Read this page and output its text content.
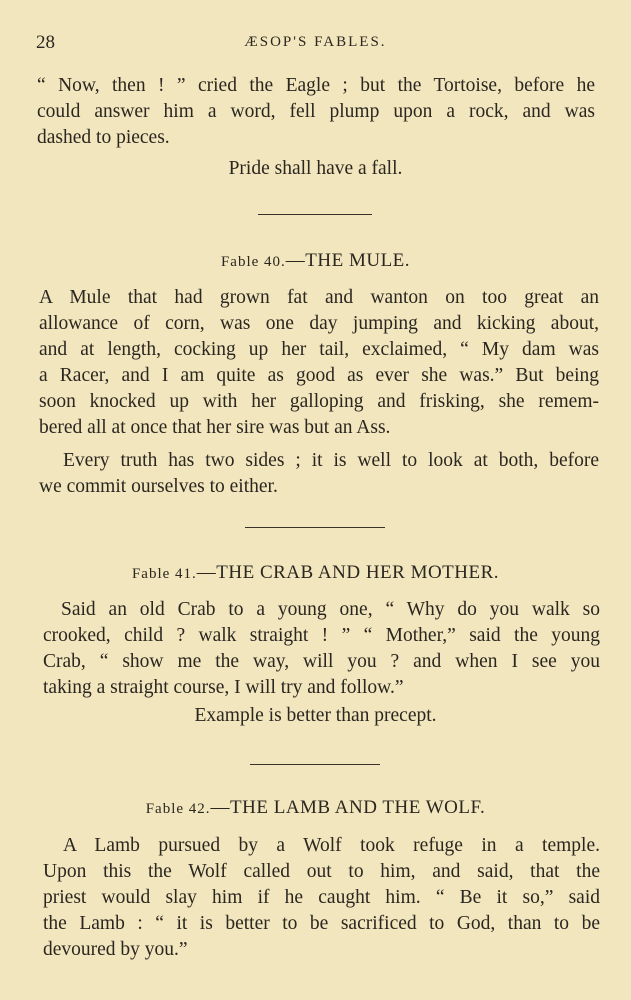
28	ÆSOP'S FABLES.
“ Now, then ! ” cried the Eagle ; but the Tortoise, before he
could answer him a word, fell plump upon a rock, and was
dashed to pieces.
Pride shall have a fall.
Fable 40.—THE MULE.
A Mule that had grown fat and wanton on too great an
allowance of corn, was one day jumping and kicking about,
and at length, cocking up her tail, exclaimed, “ My dam was
a Racer, and I am quite as good as ever she was.” But being
soon knocked up with her galloping and frisking, she remem-
bered all at once that her sire was but an Ass.
Every truth has two sides ; it is well to look at both, before
we commit ourselves to either.
Fable 41.—THE CRAB AND HER MOTHER.
Said an old Crab to a young one, “ Why do you walk so
crooked, child ? walk straight ! ” “ Mother,” said the young
Crab, “ show me the way, will you ? and when I see you
taking a straight course, I will try and follow.”
Example is better than precept.
Fable 42.—THE LAMB AND THE WOLF.
A Lamb pursued by a Wolf took refuge in a temple.
Upon this the Wolf called out to him, and said, that the
priest would slay him if he caught him. “ Be it so,” said
the Lamb : “ it is better to be sacrificed to God, than to be
devoured by you.”
